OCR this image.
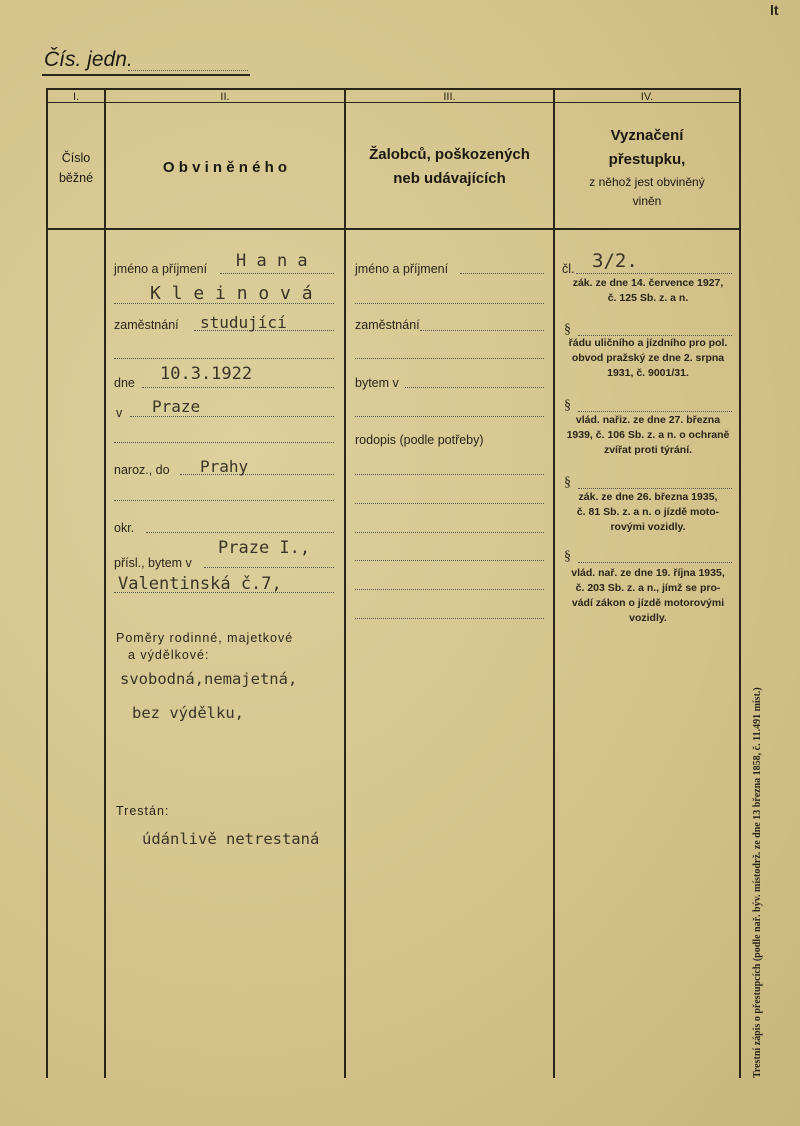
Čís. jedn.
lt
I.	II.	III.	IV.
Číslo
běžné
O b v i n ě n é h o
Žalobců, poškozených
neb udávajících
Vyznačení
přestupku,
z něhož jest obviněný
viněn
jméno a příjmení H a n a
K l e i n o v á
zaměstnání studující
dne 10.3.1922
v Praze
naroz., do Prahy
okr.
přísl., bytem v
Praze I.,
Valentinská č.7,
Poměry rodinné, majetkové
a výdělkové:
svobodná,nemajetná,
bez výdělku,
Trestán:
údánlivě netrestaná
jméno a příjmení
zaměstnání
bytem v
rodopis (podle potřeby)
čl. 3/2.
zák. ze dne 14. července 1927,
č. 125 Sb. z. a n.
§
řádu uličního a jízdního pro pol.
obvod pražský ze dne 2. srpna
1931, č. 9001/31.
§
vlád. nařiz. ze dne 27. března
1939, č. 106 Sb. z. a n. o ochraně
zvířat proti týrání.
§
zák. ze dne 26. března 1935,
č. 81 Sb. z. a n. o jízdě moto-
rovými vozidly.
§
vlád. nař. ze dne 19. října 1935,
č. 203 Sb. z. a n., jímž se pro-
vádí zákon o jízdě motorovými
vozidly.
Trestní zápis o přestupcích (podle nař. býv. místodrž. ze dne 13 března 1858, č. 11.491 míst.)
